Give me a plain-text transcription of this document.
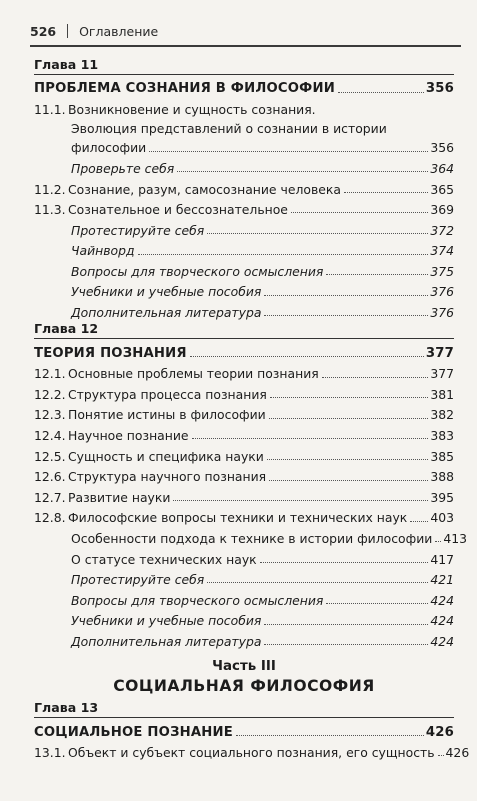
526 Оглавление
Глава 11
ПРОБЛЕМА СОЗНАНИЯ В ФИЛОСОФИИ	356
11.1. Возникновение и сущность сознания.
Эволюция представлений о сознании в истории
философии	356
Проверьте себя	364
11.2. Сознание, разум, самосознание человека	365
11.3. Сознательное и бессознательное	369
Протестируйте себя	372
Чайнворд	374
Вопросы для творческого осмысления	375
Учебники и учебные пособия	376
Дополнительная литература	376
Глава 12
ТЕОРИЯ ПОЗНАНИЯ	377
12.1. Основные проблемы теории познания	377
12.2. Структура процесса познания	381
12.3. Понятие истины в философии	382
12.4. Научное познание	383
12.5. Сущность и специфика науки	385
12.6. Структура научного познания	388
12.7. Развитие науки	395
12.8. Философские вопросы техники и технических наук 403
Особенности подхода к технике в истории философии 413
О статусе технических наук	417
Протестируйте себя	421
Вопросы для творческого осмысления	424
Учебники и учебные пособия	424
Дополнительная литература	424
Часть III
СОЦИАЛЬНАЯ ФИЛОСОФИЯ
Глава 13
СОЦИАЛЬНОЕ ПОЗНАНИЕ	426
13.1. Объект и субъект социального познания, его сущность 426
